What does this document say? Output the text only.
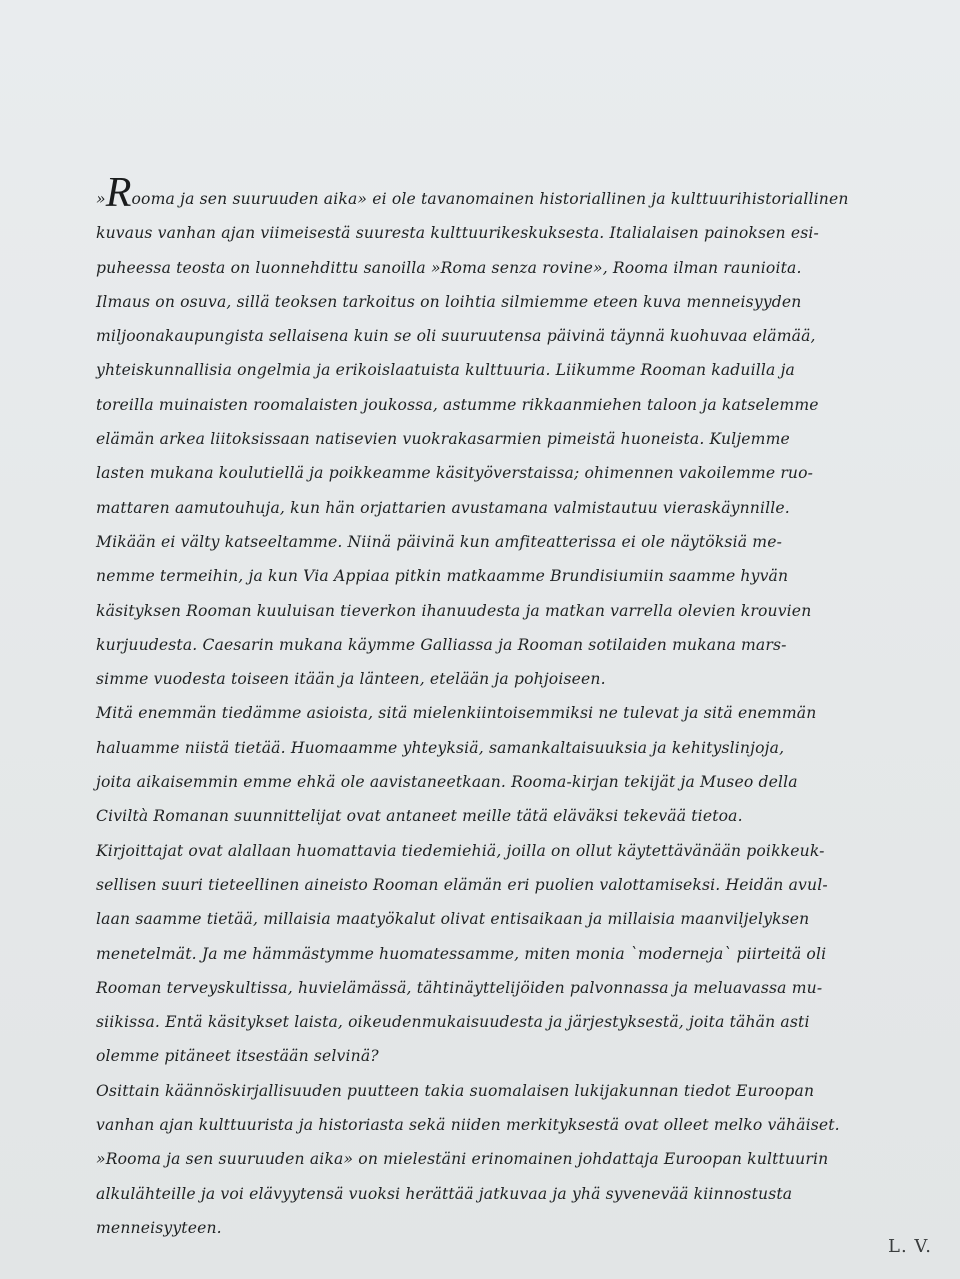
»Rooma ja sen suuruuden aika» ei ole tavanomainen historiallinen ja kulttuurihistoriallinen
kuvaus vanhan ajan viimeisestä suuresta kulttuurikeskuksesta. Italialaisen painoksen esi-
puheessa teosta on luonnehdittu sanoilla »Roma senza rovine», Rooma ilman raunioita.
Ilmaus on osuva, sillä teoksen tarkoitus on loihtia silmiemme eteen kuva menneisyyden
miljoonakaupungista sellaisena kuin se oli suuruutensa päivinä täynnä kuohuvaa elämää,
yhteiskunnallisia ongelmia ja erikoislaatuista kulttuuria. Liikumme Rooman kaduilla ja
toreilla muinaisten roomalaisten joukossa, astumme rikkaanmiehen taloon ja katselemme
elämän arkea liitoksissaan natisevien vuokrakasarmien pimeistä huoneista. Kuljemme
lasten mukana koulutiellä ja poikkeamme käsityöverstaissa; ohimennen vakoilemme ruo-
mattaren aamutouhuja, kun hän orjattarien avustamana valmistautuu vieraskäynnille.
Mikään ei välty katseeltamme. Niinä päivinä kun amfiteatterissa ei ole näytöksiä me-
nemme termeihin, ja kun Via Appiaa pitkin matkaamme Brundisiumiin saamme hyvän
käsityksen Rooman kuuluisan tieverkon ihanuudesta ja matkan varrella olevien krouvien
kurjuudesta. Caesarin mukana käymme Galliassa ja Rooman sotilaiden mukana mars-
simme vuodesta toiseen itään ja länteen, etelään ja pohjoiseen.
Mitä enemmän tiedämme asioista, sitä mielenkiintoisemmiksi ne tulevat ja sitä enemmän
haluamme niistä tietää. Huomaamme yhteyksiä, samankaltaisuuksia ja kehityslinjoja,
joita aikaisemmin emme ehkä ole aavistaneetkaan. Rooma-kirjan tekijät ja Museo della
Civiltà Romanan suunnittelijat ovat antaneet meille tätä eläväksi tekevää tietoa.
Kirjoittajat ovat alallaan huomattavia tiedemiehiä, joilla on ollut käytettävänään poikkeuk-
sellisen suuri tieteellinen aineisto Rooman elämän eri puolien valottamiseksi. Heidän avul-
laan saamme tietää, millaisia maatyökalut olivat entisaikaan ja millaisia maanviljelyksen
menetelmät. Ja me hämmästymme huomatessamme, miten monia `moderneja` piirteitä oli
Rooman terveyskultissa, huvielämässä, tähtinäyttelijöiden palvonnassa ja meluavassa mu-
siikissa. Entä käsitykset laista, oikeudenmukaisuudesta ja järjestyksestä, joita tähän asti
olemme pitäneet itsestään selvinä?
Osittain käännöskirjallisuuden puutteen takia suomalaisen lukijakunnan tiedot Euroopan
vanhan ajan kulttuurista ja historiasta sekä niiden merkityksestä ovat olleet melko vähäiset.
»Rooma ja sen suuruuden aika» on mielestäni erinomainen johdattaja Euroopan kulttuurin
alkulähteille ja voi elävyytensä vuoksi herättää jatkuvaa ja yhä syvenevää kiinnostusta
menneisyyteen.
L. V.
